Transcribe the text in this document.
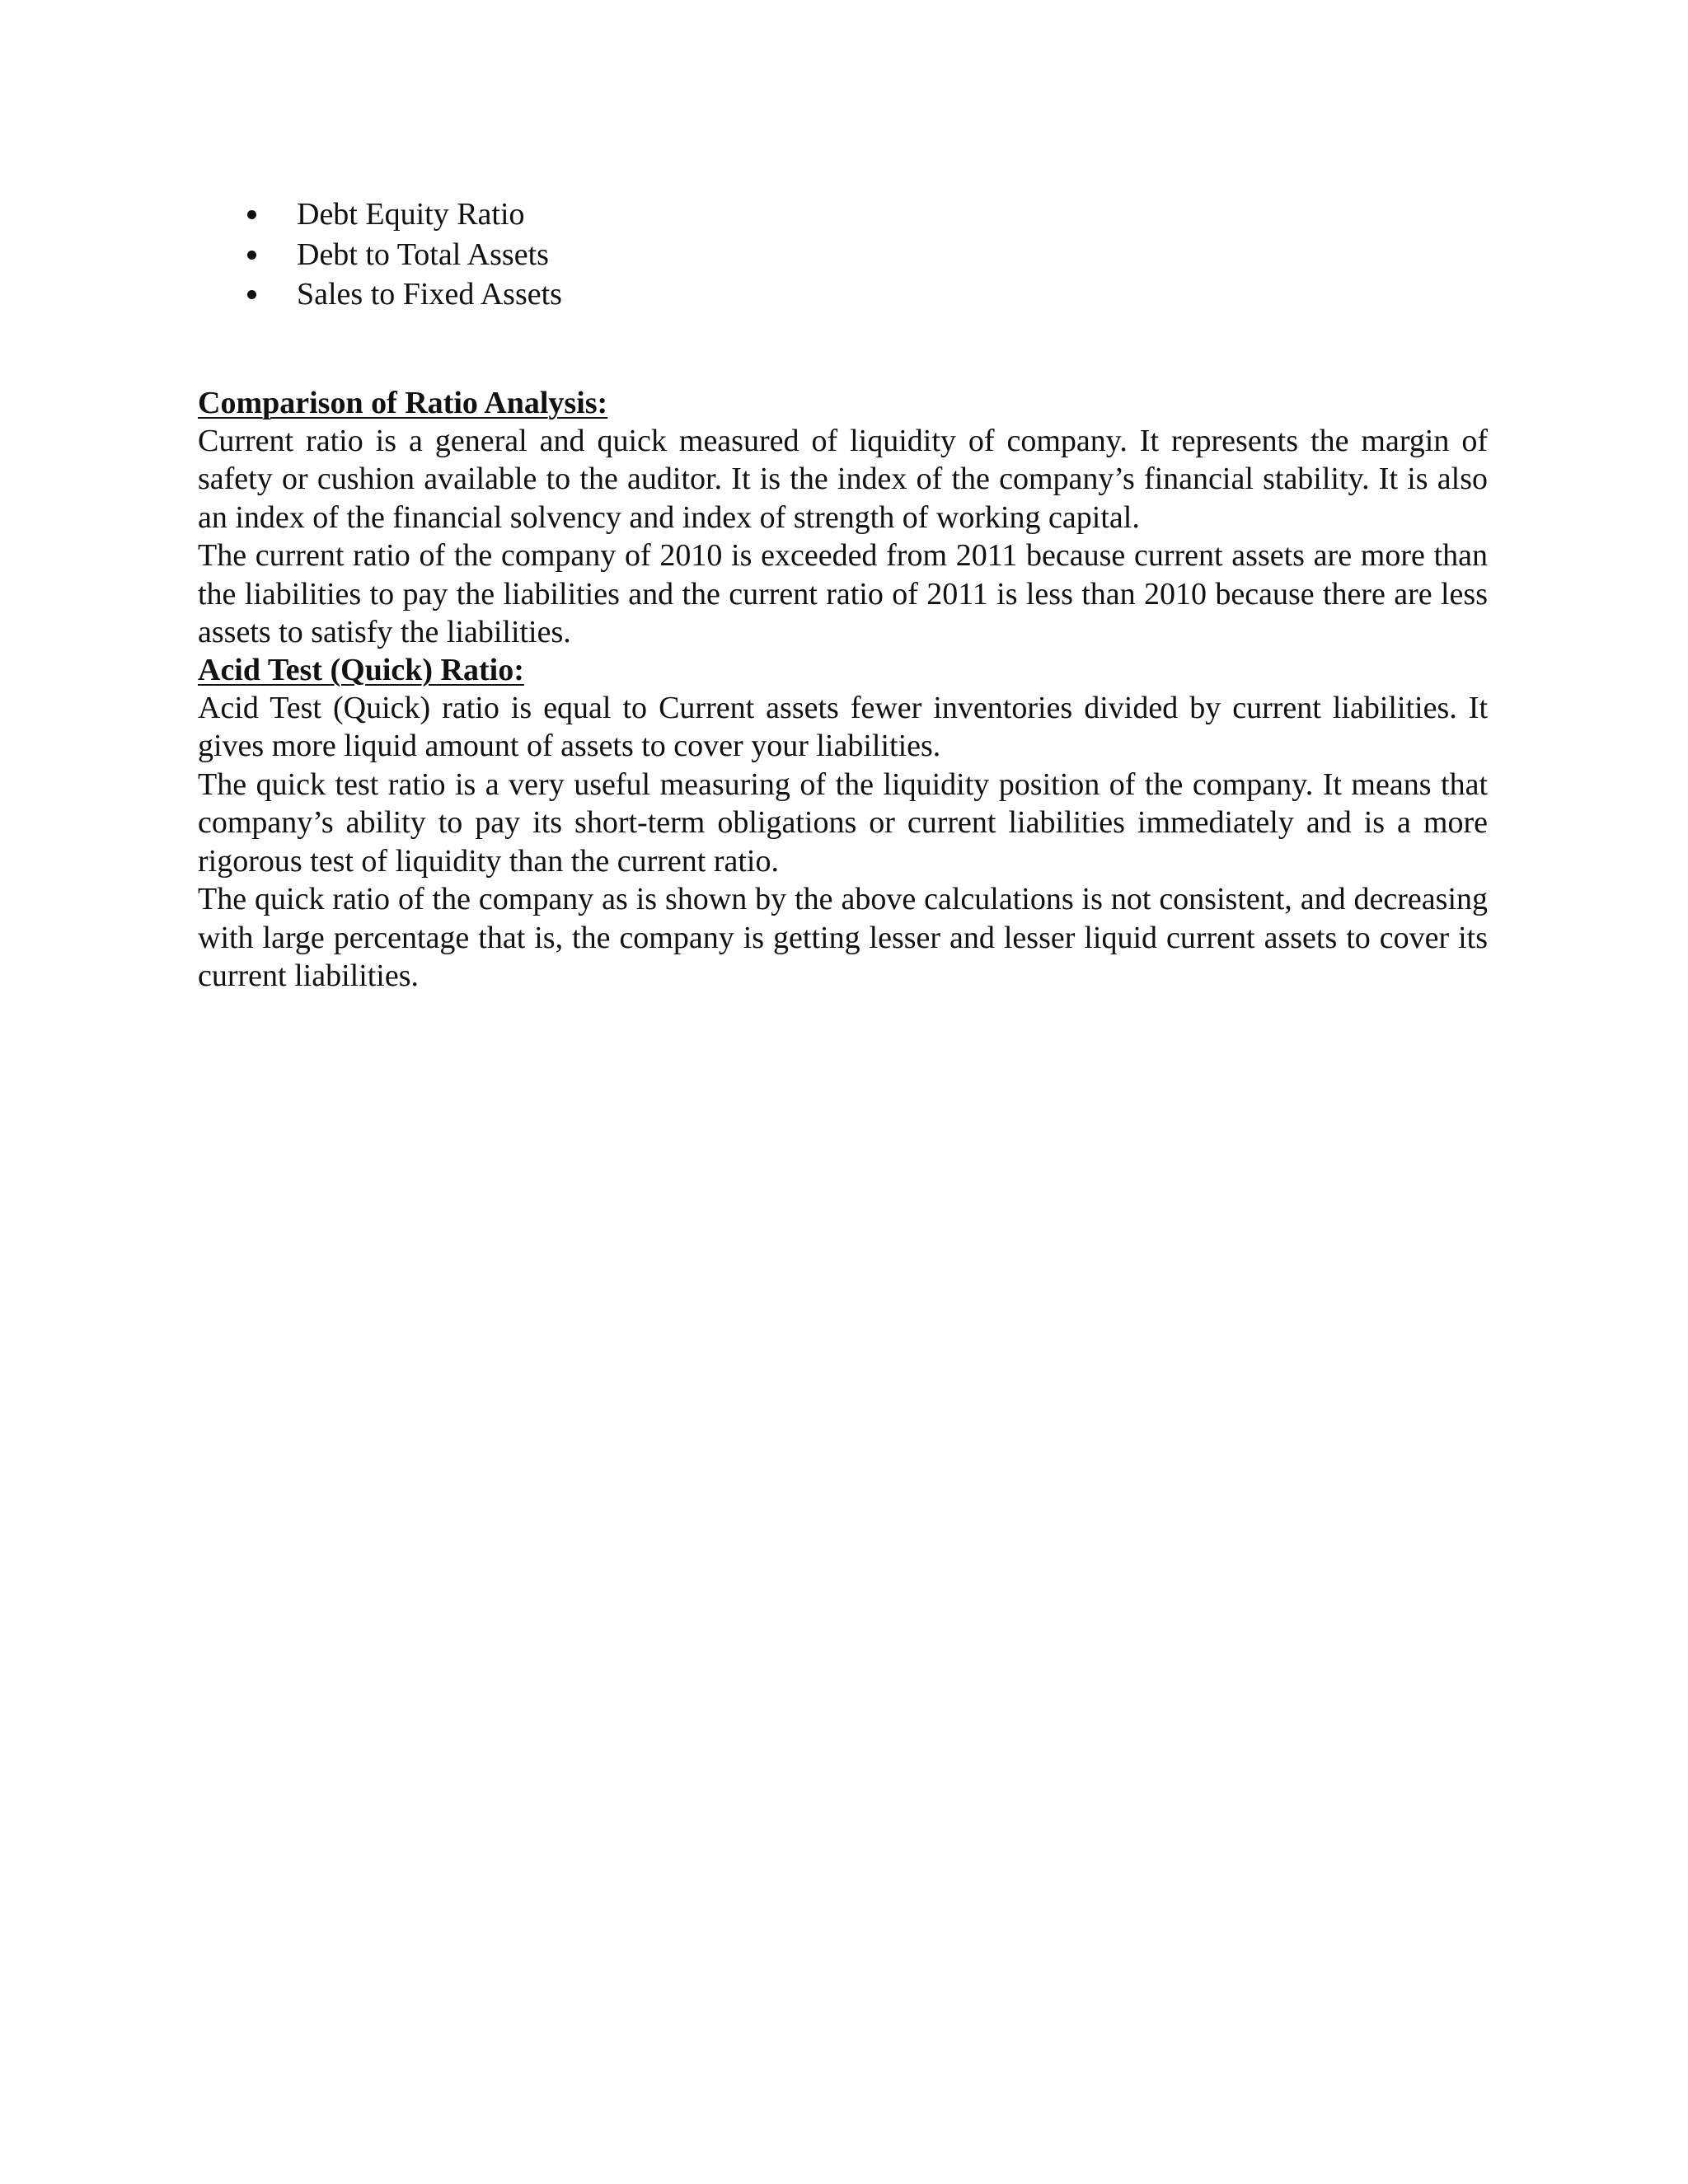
Debt Equity Ratio
Debt to Total Assets
Sales to Fixed Assets
Comparison of Ratio Analysis:

Current ratio is a general and quick measured of liquidity of company. It represents the margin of safety or cushion available to the auditor. It is the index of the company’s financial stability. It is also an index of the financial solvency and index of strength of working capital.

The current ratio of the company of 2010 is exceeded from 2011 because current assets are more than the liabilities to pay the liabilities and the current ratio of 2011 is less than 2010 because there are less assets to satisfy the liabilities.

Acid Test (Quick) Ratio:

Acid Test (Quick) ratio is equal to Current assets fewer inventories divided by current liabilities. It gives more liquid amount of assets to cover your liabilities.

The quick test ratio is a very useful measuring of the liquidity position of the company. It means that company’s ability to pay its short-term obligations or current liabilities immediately and is a more rigorous test of liquidity than the current ratio.

The quick ratio of the company as is shown by the above calculations is not consistent, and decreasing with large percentage that is, the company is getting lesser and lesser liquid current assets to cover its current liabilities.
